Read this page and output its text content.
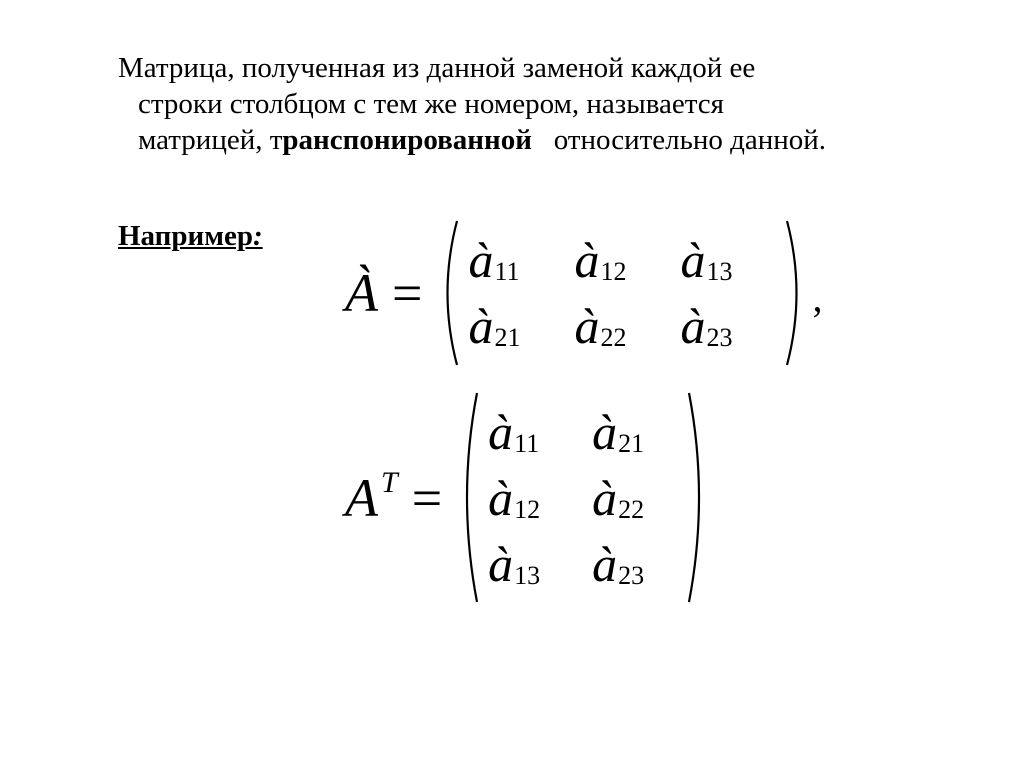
Матрица, полученная из данной заменой каждой ее
строки столбцом с тем же номером, называется
матрицей, транспонированной   относительно данной.
Например:
À =
$à_{11}$ $à_{12}$ $à_{13}$
$à_{21}$ $à_{22}$ $à_{23}$
,
$A^T$ =
$à_{11}$ $à_{21}$
$à_{12}$ $à_{22}$
$à_{13}$ $à_{23}$
